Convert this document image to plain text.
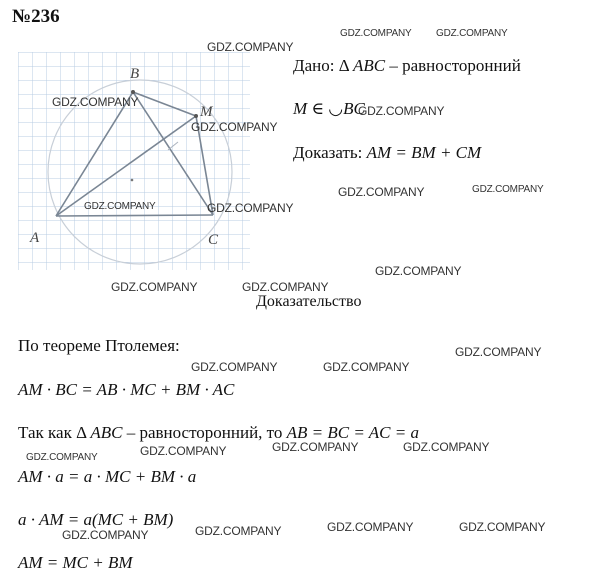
№236
B
M
A	C
Дано: Δ ABC – равносторонний
M ∈ ◡BC
Доказать: AM = BM + CM
Доказательство
По теореме Птолемея:
AM · BC = AB · MC + BM · AC
Так как Δ ABC – равносторонний, то AB = BC = AC = a
AM · a = a · MC + BM · a
a · AM = a(MC + BM)
AM = MC + BM
GDZ.COMPANY GDZ.COMPANY
GDZ.COMPANY
GDZ.COMPANY
GDZ.COMPANY
GDZ.COMPANY
GDZ.COMPANY	GDZ.COMPANY
GDZ.COMPANY	GDZ.COMPANY
GDZ.COMPANY
GDZ.COMPANY	GDZ.COMPANY
GDZ.COMPANY
GDZ.COMPANY	GDZ.COMPANY
GDZ.COMPANY	GDZ.COMPANY
GDZ.COMPANY
GDZ.COMPANY
GDZ.COMPANY	GDZ.COMPANY
GDZ.COMPANY
GDZ.COMPANY
